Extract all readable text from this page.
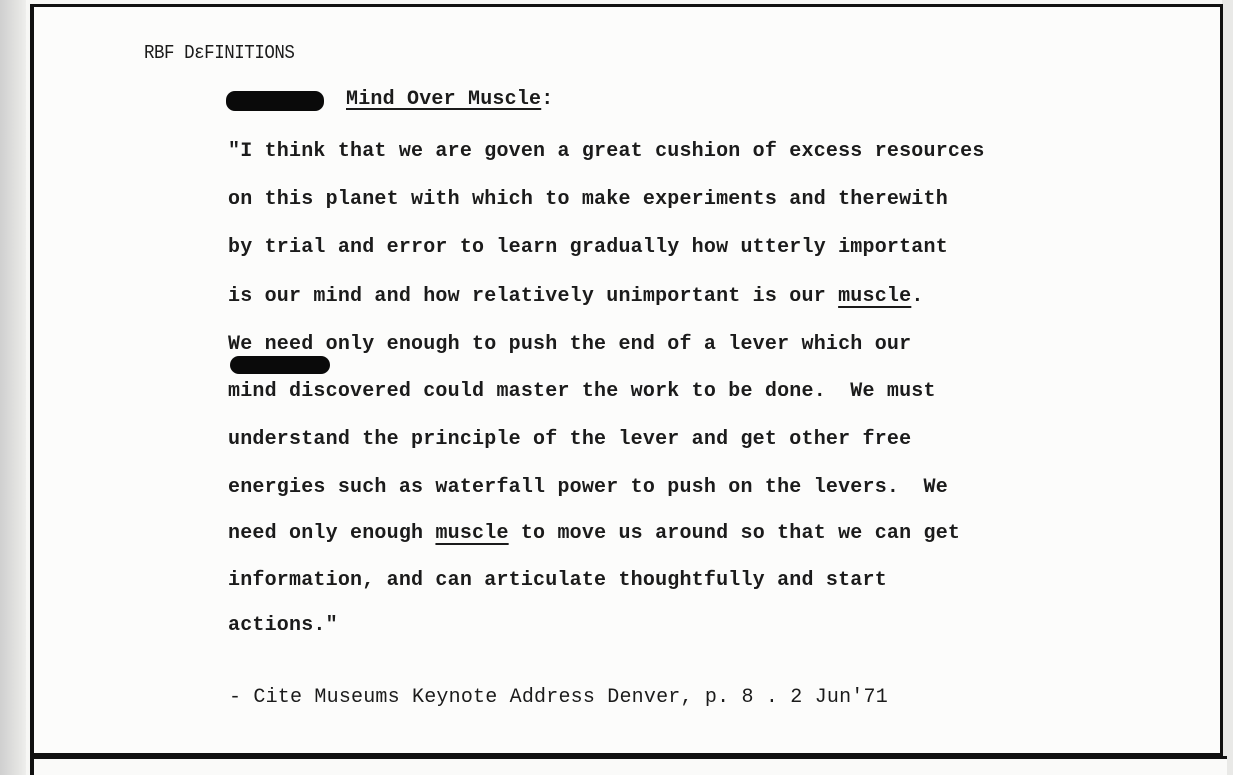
RBF DεFINITIONS
Mind Over Muscle:
"I think that we are goven a great cushion of excess resources
on this planet with which to make experiments and therewith
by trial and error to learn gradually how utterly important
is our mind and how relatively unimportant is our muscle.
We need only enough to push the end of a lever which our
mind discovered could master the work to be done.  We must
understand the principle of the lever and get other free
energies such as waterfall power to push on the levers.  We
need only enough muscle to move us around so that we can get
information, and can articulate thoughtfully and start
actions."
- Cite Museums Keynote Address Denver, p. 8 . 2 Jun'71
